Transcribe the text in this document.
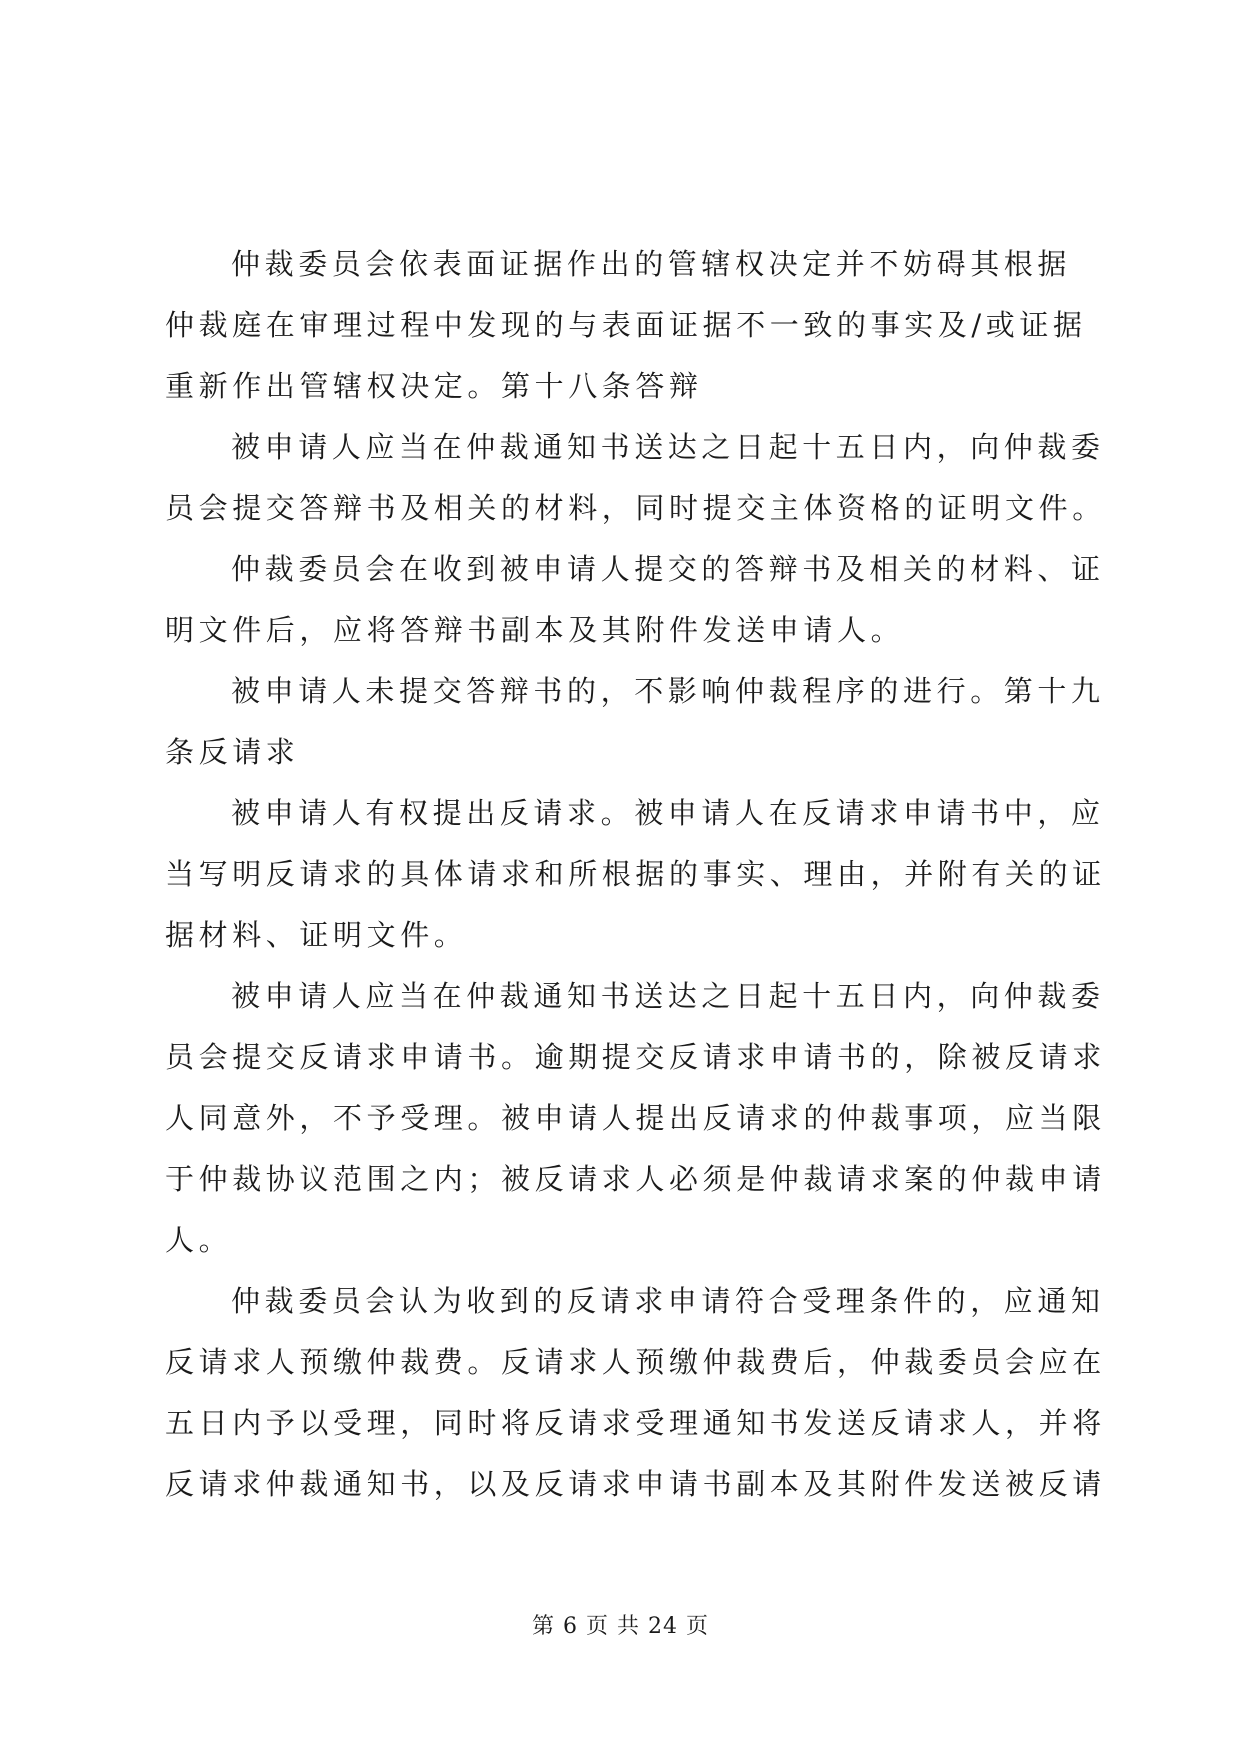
仲裁委员会依表面证据作出的管辖权决定并不妨碍其根据
仲裁庭在审理过程中发现的与表面证据不一致的事实及/或证据
重新作出管辖权决定。第十八条答辩
被申请人应当在仲裁通知书送达之日起十五日内，向仲裁委
员会提交答辩书及相关的材料，同时提交主体资格的证明文件。
仲裁委员会在收到被申请人提交的答辩书及相关的材料、证
明文件后，应将答辩书副本及其附件发送申请人。
被申请人未提交答辩书的，不影响仲裁程序的进行。第十九
条反请求
被申请人有权提出反请求。被申请人在反请求申请书中，应
当写明反请求的具体请求和所根据的事实、理由，并附有关的证
据材料、证明文件。
被申请人应当在仲裁通知书送达之日起十五日内，向仲裁委
员会提交反请求申请书。逾期提交反请求申请书的，除被反请求
人同意外，不予受理。被申请人提出反请求的仲裁事项，应当限
于仲裁协议范围之内；被反请求人必须是仲裁请求案的仲裁申请
人。
仲裁委员会认为收到的反请求申请符合受理条件的，应通知
反请求人预缴仲裁费。反请求人预缴仲裁费后，仲裁委员会应在
五日内予以受理，同时将反请求受理通知书发送反请求人，并将
反请求仲裁通知书，以及反请求申请书副本及其附件发送被反请
第 6 页 共 24 页
